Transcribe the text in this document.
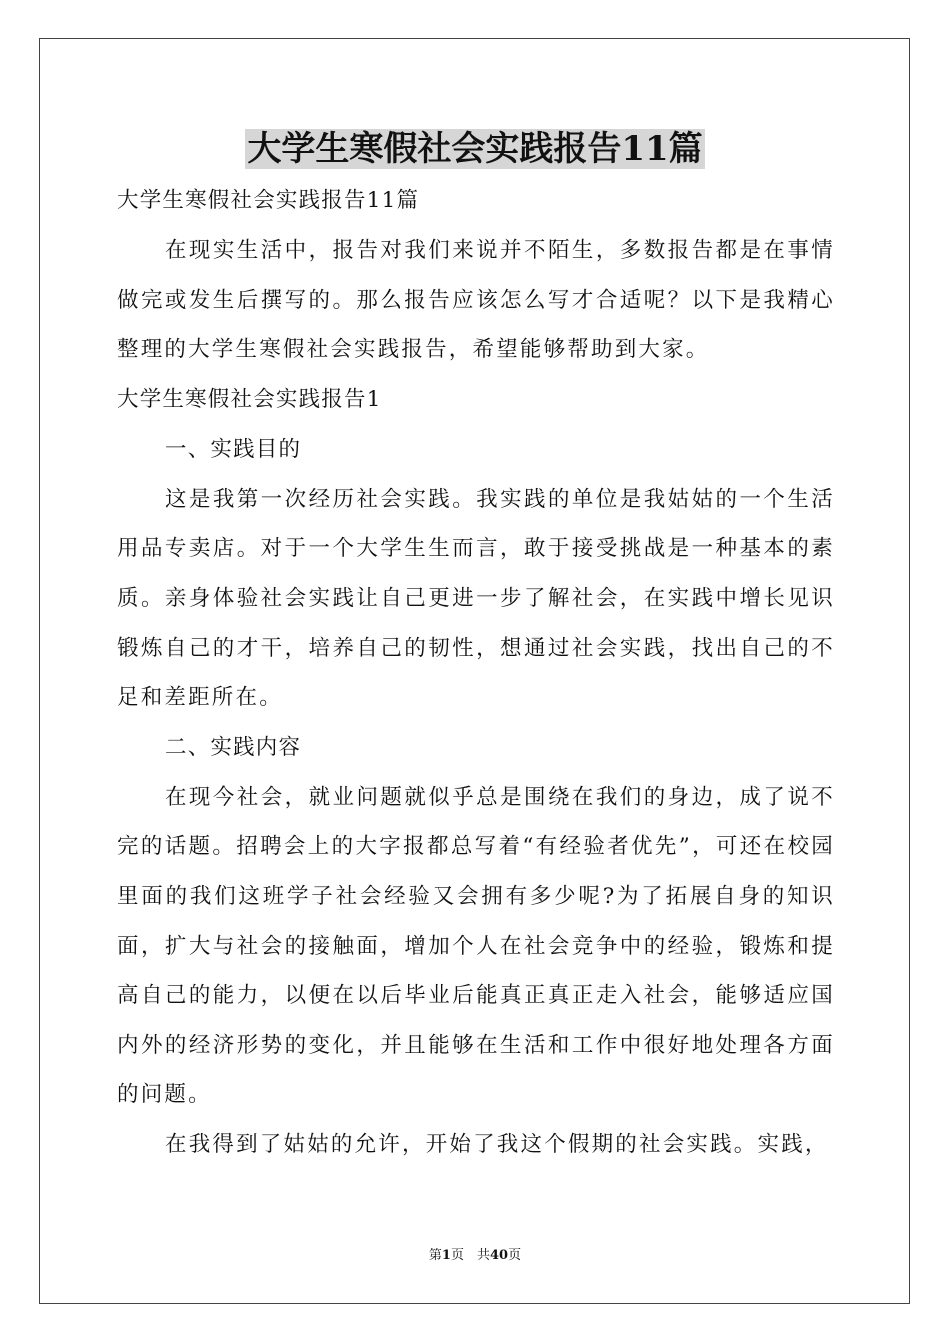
大学生寒假社会实践报告11篇

大学生寒假社会实践报告11篇

在现实生活中，报告对我们来说并不陌生，多数报告都是在事情做完或发生后撰写的。那么报告应该怎么写才合适呢？以下是我精心整理的大学生寒假社会实践报告，希望能够帮助到大家。

大学生寒假社会实践报告1

一、实践目的

这是我第一次经历社会实践。我实践的单位是我姑姑的一个生活用品专卖店。对于一个大学生生而言，敢于接受挑战是一种基本的素质。亲身体验社会实践让自己更进一步了解社会，在实践中增长见识锻炼自己的才干，培养自己的韧性，想通过社会实践，找出自己的不足和差距所在。

二、实践内容

在现今社会，就业问题就似乎总是围绕在我们的身边，成了说不完的话题。招聘会上的大字报都总写着“有经验者优先”，可还在校园里面的我们这班学子社会经验又会拥有多少呢?为了拓展自身的知识面，扩大与社会的接触面，增加个人在社会竞争中的经验，锻炼和提高自己的能力，以便在以后毕业后能真正真正走入社会，能够适应国内外的经济形势的变化，并且能够在生活和工作中很好地处理各方面的问题。

在我得到了姑姑的允许，开始了我这个假期的社会实践。实践，

第1页　共40页
